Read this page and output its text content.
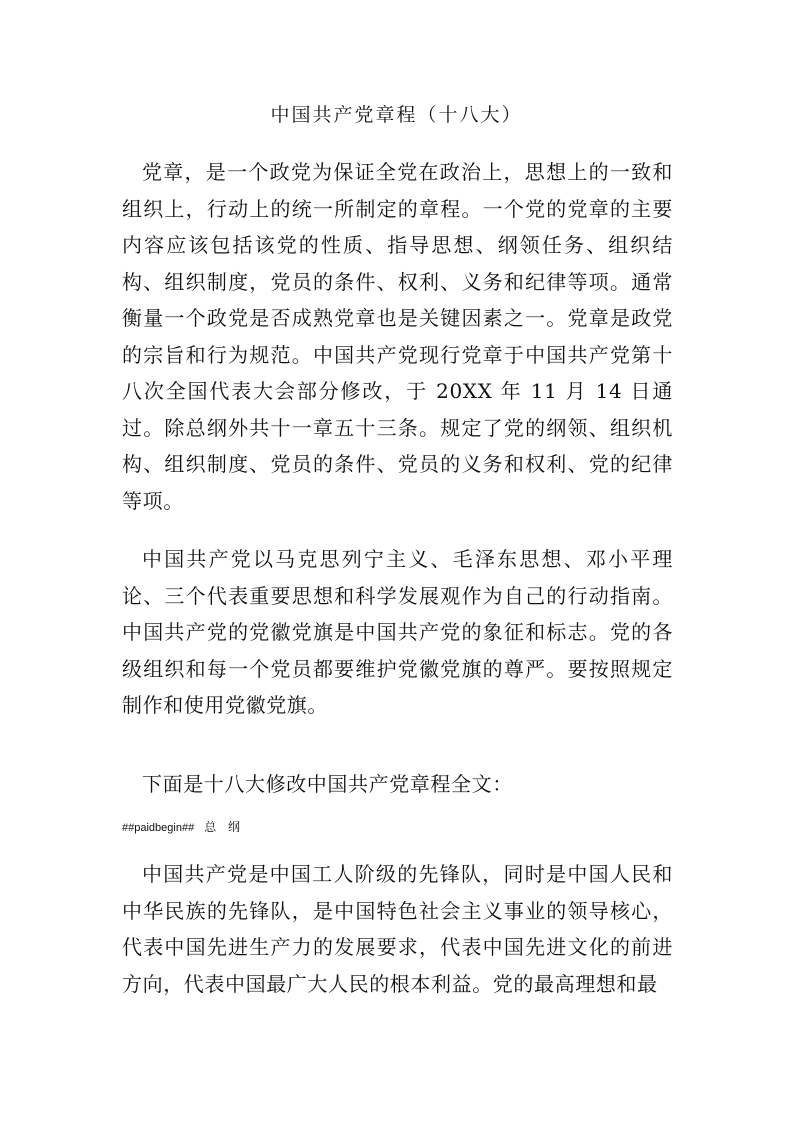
中国共产党章程（十八大）
党章，是一个政党为保证全党在政治上，思想上的一致和组织上，行动上的统一所制定的章程。一个党的党章的主要内容应该包括该党的性质、指导思想、纲领任务、组织结构、组织制度，党员的条件、权利、义务和纪律等项。通常衡量一个政党是否成熟党章也是关键因素之一。党章是政党的宗旨和行为规范。中国共产党现行党章于中国共产党第十八次全国代表大会部分修改，于 20XX 年 11 月 14 日通过。除总纲外共十一章五十三条。规定了党的纲领、组织机构、组织制度、党员的条件、党员的义务和权利、党的纪律等项。
中国共产党以马克思列宁主义、毛泽东思想、邓小平理论、三个代表重要思想和科学发展观作为自己的行动指南。中国共产党的党徽党旗是中国共产党的象征和标志。党的各级组织和每一个党员都要维护党徽党旗的尊严。要按照规定制作和使用党徽党旗。
下面是十八大修改中国共产党章程全文：
##paidbegin## 总 纲
中国共产党是中国工人阶级的先锋队，同时是中国人民和中华民族的先锋队，是中国特色社会主义事业的领导核心，代表中国先进生产力的发展要求，代表中国先进文化的前进方向，代表中国最广大人民的根本利益。党的最高理想和最
